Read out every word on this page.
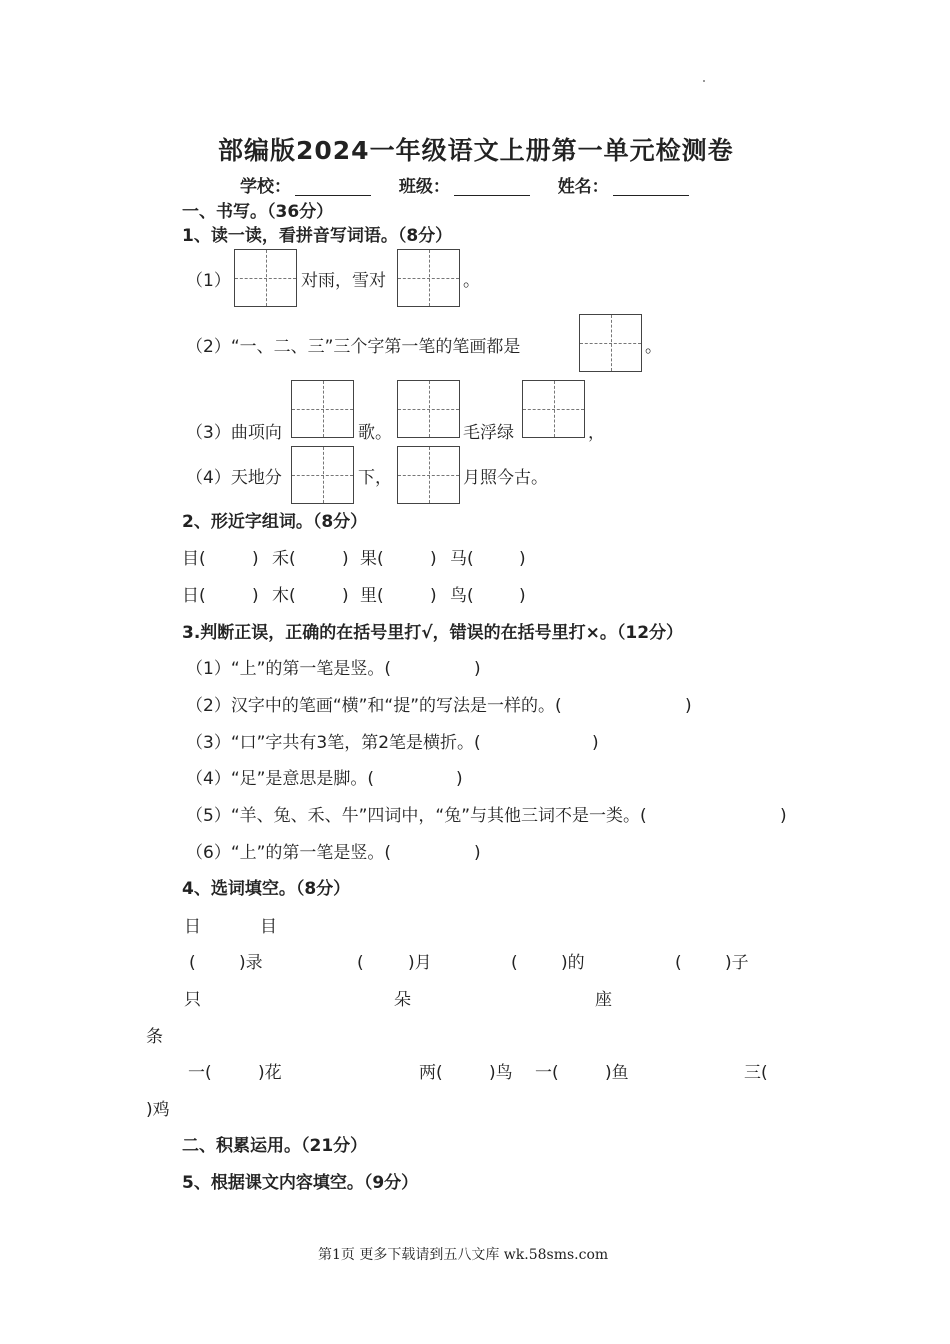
部编版2024一年级语文上册第一单元检测卷
学校：	班级：	姓名：
一、书写。（36分）
1、读一读，看拼音写词语。（8分）
（1）	对雨，雪对	。
（2）“一、二、三”三个字第一笔的笔画都是	。
（3）曲项向	歌。	毛浮绿	，
（4）天地分	下，	月照今古。
2、形近字组词。（8分）
目(	) 禾(	) 果(	) 马(	)
日(	) 木(	) 里(	) 鸟(	)
3.判断正误，正确的在括号里打√，错误的在括号里打×。（12分）
（1）“上”的第一笔是竖。(	)
（2）汉字中的笔画“横”和“提”的写法是一样的。(	)
（3）“口”字共有3笔，第2笔是横折。(	)
（4）“足”是意思是脚。(	)
（5）“羊、兔、禾、牛”四词中，“兔”与其他三词不是一类。(	)
（6）“上”的第一笔是竖。(	)
4、选词填空。（8分）
日	目
(	)录	(	)月	(	)的	(	)子
只	朵	座
条
一(	)花	两(	)鸟 一(	)鱼	三(
)鸡
二、积累运用。（21分）
5、根据课文内容填空。（9分）
第1页 更多下载请到五八文库 wk.58sms.com
